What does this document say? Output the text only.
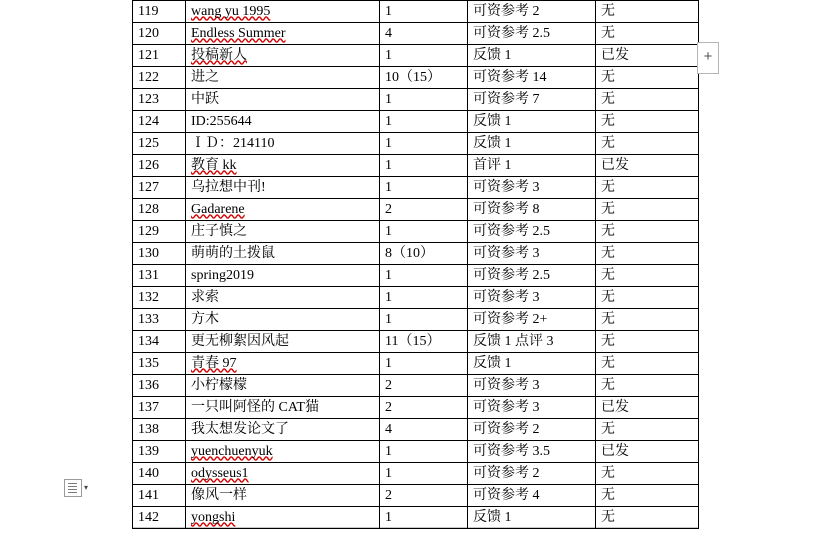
119	wang yu 1995	1	可资参考 2	无
120	Endless Summer	4	可资参考 2.5	无
121	投稿新人	1	反馈 1	已发
122	进之	10（15）	可资参考 14	无
123	中跃	1	可资参考 7	无
124	ID:255644	1	反馈 1	无
125	ＩＤ：214110	1	反馈 1	无
126	教育 kk	1	首评 1	已发
127	乌拉想中刊!	1	可资参考 3	无
128	Gadarene	2	可资参考 8	无
129	庄子慎之	1	可资参考 2.5	无
130	萌萌的土拨鼠	8（10）	可资参考 3	无
131	spring2019	1	可资参考 2.5	无
132	求索	1	可资参考 3	无
133	方木	1	可资参考 2+	无
134	更无柳絮因风起	11（15）	反馈 1 点评 3	无
135	青春 97	1	反馈 1	无
136	小柠檬檬	2	可资参考 3	无
137	一只叫阿怪的 CAT猫	2	可资参考 3	已发
138	我太想发论文了	4	可资参考 2	无
139	yuenchuenyuk	1	可资参考 3.5	已发
140	odysseus1	1	可资参考 2	无
141	像风一样	2	可资参考 4	无
142	yongshi	1	反馈 1	无
+
▾
